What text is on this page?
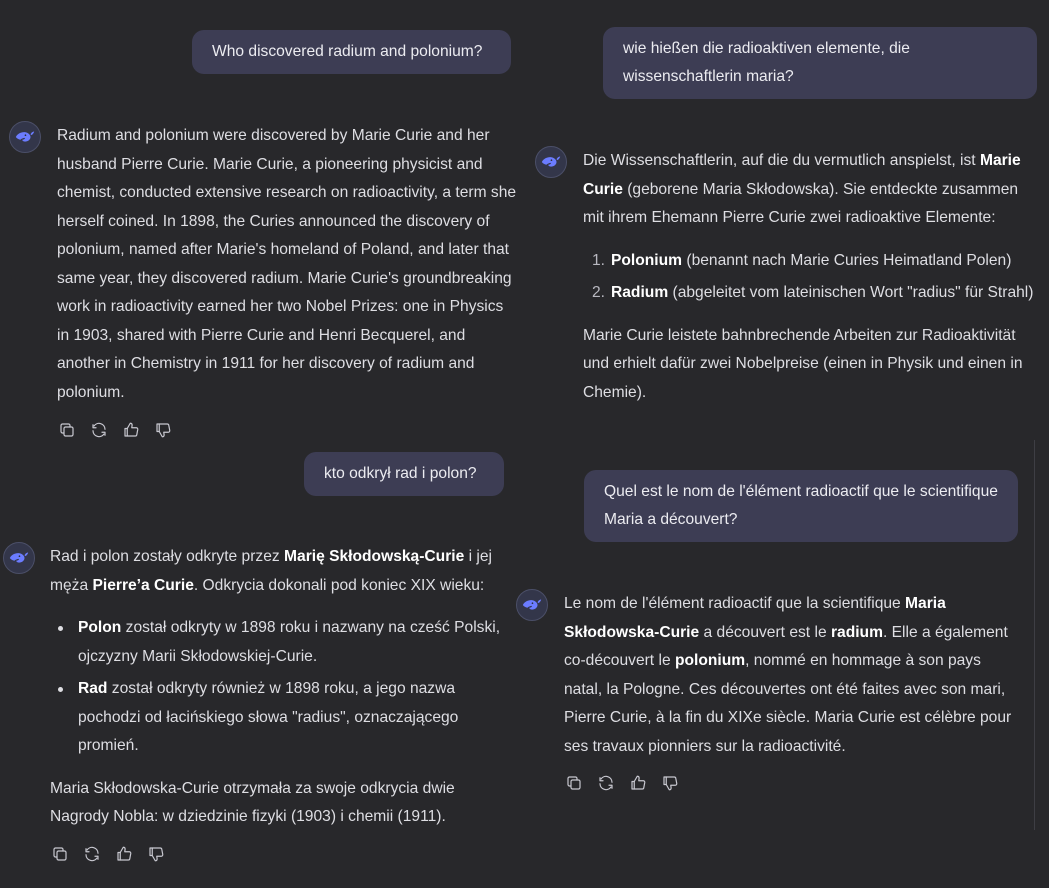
Who discovered radium and polonium?

Radium and polonium were discovered by Marie Curie and her husband Pierre Curie. Marie Curie, a pioneering physicist and chemist, conducted extensive research on radioactivity, a term she herself coined. In 1898, the Curies announced the discovery of polonium, named after Marie's homeland of Poland, and later that same year, they discovered radium. Marie Curie's groundbreaking work in radioactivity earned her two Nobel Prizes: one in Physics in 1903, shared with Pierre Curie and Henri Becquerel, and another in Chemistry in 1911 for her discovery of radium and polonium.

kto odkrył rad i polon?

Rad i polon zostały odkryte przez Marię Skłodowską-Curie i jej męża Pierre’a Curie. Odkrycia dokonali pod koniec XIX wieku:

Polon został odkryty w 1898 roku i nazwany na cześć Polski, ojczyzny Marii Skłodowskiej-Curie.
Rad został odkryty również w 1898 roku, a jego nazwa pochodzi od łacińskiego słowa "radius", oznaczającego promień.

Maria Skłodowska-Curie otrzymała za swoje odkrycia dwie Nagrody Nobla: w dziedzinie fizyki (1903) i chemii (1911).

wie hießen die radioaktiven elemente, die wissenschaftlerin maria?

Die Wissenschaftlerin, auf die du vermutlich anspielst, ist Marie Curie (geborene Maria Skłodowska). Sie entdeckte zusammen mit ihrem Ehemann Pierre Curie zwei radioaktive Elemente:

1. Polonium (benannt nach Marie Curies Heimatland Polen)
2. Radium (abgeleitet vom lateinischen Wort "radius" für Strahl)

Marie Curie leistete bahnbrechende Arbeiten zur Radioaktivität und erhielt dafür zwei Nobelpreise (einen in Physik und einen in Chemie).

Quel est le nom de l'élément radioactif que le scientifique Maria a découvert?

Le nom de l'élément radioactif que la scientifique Maria Skłodowska-Curie a découvert est le radium. Elle a également co-découvert le polonium, nommé en hommage à son pays natal, la Pologne. Ces découvertes ont été faites avec son mari, Pierre Curie, à la fin du XIXe siècle. Maria Curie est célèbre pour ses travaux pionniers sur la radioactivité.
